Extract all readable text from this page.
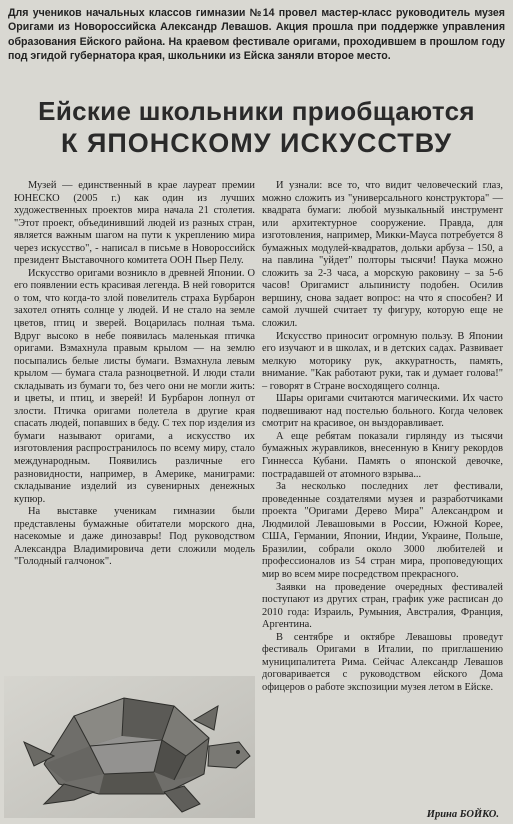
Для учеников начальных классов гимназии №14 провел мастер-класс руководитель музея Оригами из Новороссийска Александр Левашов. Акция прошла при поддержке управления образования Ейского района. На краевом фестивале оригами, проходившем в прошлом году под эгидой губернатора края, школьники из Ейска заняли второе место.

Ейские школьники приобщаются
К ЯПОНСКОМУ ИСКУССТВУ

Музей — единственный в крае лауреат премии ЮНЕСКО (2005 г.) как один из лучших художественных проектов мира начала 21 столетия. "Этот проект, объединивший людей из разных стран, является важным шагом на пути к укреплению мира через искусство", - написал в письме в Новороссийск президент Выставочного комитета ООН Пьер Пелу.

Искусство оригами возникло в древней Японии. О его появлении есть красивая легенда. В ней говорится о том, что когда-то злой повелитель страха Бурбарон захотел отнять солнце у людей. И не стало на земле цветов, птиц и зверей. Воцарилась полная тьма. Вдруг высоко в небе появилась маленькая птичка оригами. Взмахнула правым крылом — на землю посыпались белые листы бумаги. Взмахнула левым крылом — бумага стала разноцветной. И люди стали складывать из бумаги то, без чего они не могли жить: и цветы, и птиц, и зверей! И Бурбарон лопнул от злости. Птичка оригами полетела в другие края спасать людей, попавших в беду. С тех пор изделия из бумаги называют оригами, а искусство их изготовления распространилось по всему миру, стало международным. Появились различные его разновидности, например, в Америке, маниграми: складывание изделий из сувенирных денежных купюр.

На выставке ученикам гимназии были представлены бумажные обитатели морского дна, насекомые и даже динозавры! Под руководством Александра Владимировича дети сложили модель "Голодный галчонок".

И узнали: все то, что видит человеческий глаз, можно сложить из "универсального конструктора" — квадрата бумаги: любой музыкальный инструмент или архитектурное сооружение. Правда, для изготовления, например, Микки-Мауса потребуется 8 бумажных модулей-квадратов, дольки арбуза – 150, а на павлина "уйдет" полторы тысячи! Паука можно сложить за 2-3 часа, а морскую раковину – за 5-6 часов! Оригамист альпинисту подобен. Осилив вершину, снова задает вопрос: на что я способен? И самой лучшей считает ту фигуру, которую еще не сложил.

Искусство приносит огромную пользу. В Японии его изучают и в школах, и в детских садах. Развивает мелкую моторику рук, аккуратность, память, внимание. "Как работают руки, так и думает голова!" – говорят в Стране восходящего солнца.

Шары оригами считаются магическими. Их часто подвешивают над постелью больного. Когда человек смотрит на красивое, он выздоравливает.

А еще ребятам показали гирлянду из тысячи бумажных журавликов, внесенную в Книгу рекордов Гиннесса Кубани. Память о японской девочке, пострадавшей от атомного взрыва...

За несколько последних лет фестивали, проведенные создателями музея и разработчиками проекта "Оригами Дерево Мира" Александром и Людмилой Левашовыми в России, Южной Корее, США, Германии, Японии, Индии, Украине, Польше, Бразилии, собрали около 3000 любителей и профессионалов из 54 стран мира, проповедующих мир во всем мире посредством прекрасного.

Заявки на проведение очередных фестивалей поступают из других стран, график уже расписан до 2010 года: Израиль, Румыния, Австралия, Франция, Аргентина.

В сентябре и октябре Левашовы проведут фестиваль Оригами в Италии, по приглашению муниципалитета Рима. Сейчас Александр Левашов договаривается с руководством ейского Дома офицеров о работе экспозиции музея летом в Ейске.

Ирина БОЙКО.
